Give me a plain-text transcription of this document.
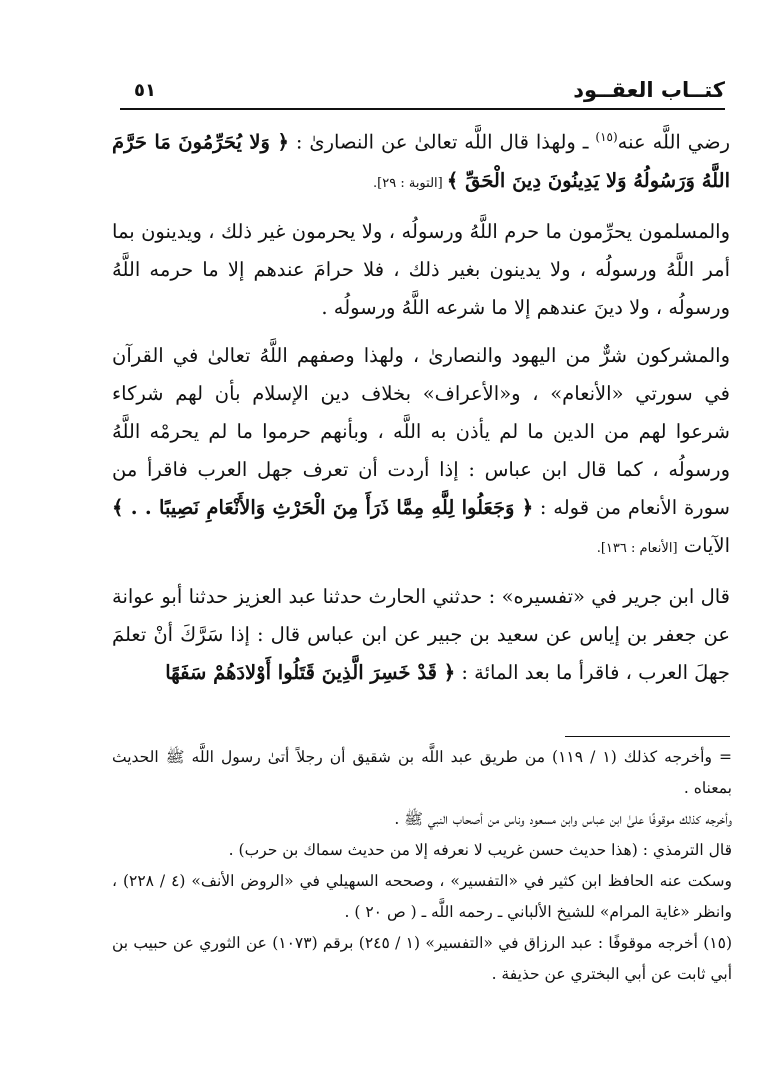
كتــاب العقــود
٥١

رضي اللَّه عنه$^{(١٥)}$ ـ ولهذا قال اللَّه تعالىٰ عن النصارىٰ : ﴿ وَلا يُحَرِّمُونَ مَا حَرَّمَ اللَّهُ وَرَسُولُهُ وَلا يَدِينُونَ دِينَ الْحَقِّ ﴾ [التوبة : ٢٩].

والمسلمون يحرِّمون ما حرم اللَّهُ ورسولُه ، ولا يحرمون غير ذلك ، ويدينون بما أمر اللَّهُ ورسولُه ، ولا يدينون بغير ذلك ، فلا حرامَ عندهم إلا ما حرمه اللَّهُ ورسولُه ، ولا دينَ عندهم إلا ما شرعه اللَّهُ ورسولُه .

والمشركون شرٌّ من اليهود والنصارىٰ ، ولهذا وصفهم اللَّهُ تعالىٰ في القرآن في سورتي «الأنعام» ، و«الأعراف» بخلاف دين الإسلام بأن لهم شركاء شرعوا لهم من الدين ما لم يأذن به اللَّه ، وبأنهم حرموا ما لم يحرمْه اللَّهُ ورسولُه ، كما قال ابن عباس : إذا أردت أن تعرف جهل العرب فاقرأ من سورة الأنعام من قوله : ﴿ وَجَعَلُوا لِلَّهِ مِمَّا ذَرَأَ مِنَ الْحَرْثِ وَالأَنْعَامِ نَصِيبًا . . ﴾ الآيات [الأنعام : ١٣٦].

قال ابن جرير في «تفسيره» : حدثني الحارث حدثنا عبد العزيز حدثنا أبو عوانة عن جعفر بن إياس عن سعيد بن جبير عن ابن عباس قال : إذا سَرَّكَ أنْ تعلمَ جهلَ العرب ، فاقرأ ما بعد المائة : ﴿ قَدْ خَسِرَ الَّذِينَ قَتَلُوا أَوْلادَهُمْ سَفَهًا

= وأخرجه كذلك (١ / ١١٩) من طريق عبد اللَّه بن شقيق أن رجلاً أتىٰ رسول اللَّه ﷺ الحديث بمعناه .

وأخرجه كذلك موقوفًا علىٰ ابن عباس وابن مسعود وناس من أصحاب النبي ﷺ .

قال الترمذي : (هذا حديث حسن غريب لا نعرفه إلا من حديث سماك بن حرب) .

وسكت عنه الحافظ ابن كثير في «التفسير» ، وصححه السهيلي في «الروض الأنف» (٤ / ٢٢٨) ، وانظر «غاية المرام» للشيخ الألباني ـ رحمه اللَّه ـ ( ص ٢٠ ) .

(١٥) أخرجه موقوفًا : عبد الرزاق في «التفسير» (١ / ٢٤٥) برقم (١٠٧٣) عن الثوري عن حبيب بن أبي ثابت عن أبي البختري عن حذيفة .
